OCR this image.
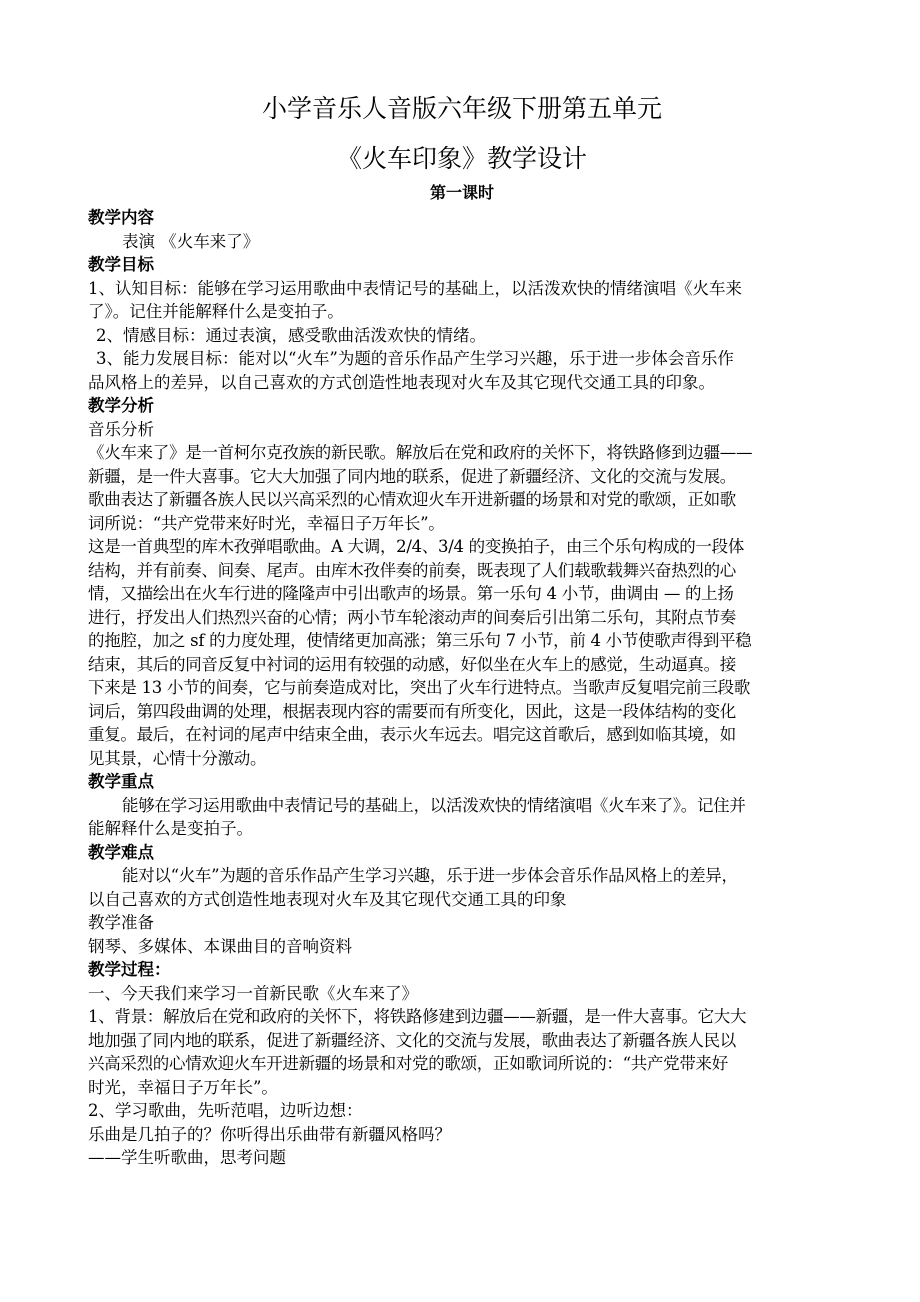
小学音乐人音版六年级下册第五单元
《火车印象》教学设计
第一课时
教学内容
表演 《火车来了》
教学目标
1、认知目标：能够在学习运用歌曲中表情记号的基础上，以活泼欢快的情绪演唱《火车来
了》。记住并能解释什么是变拍子。
2、情感目标：通过表演，感受歌曲活泼欢快的情绪。
3、能力发展目标：能对以“火车”为题的音乐作品产生学习兴趣，乐于进一步体会音乐作
品风格上的差异，以自己喜欢的方式创造性地表现对火车及其它现代交通工具的印象。
教学分析
音乐分析
《火车来了》是一首柯尔克孜族的新民歌。解放后在党和政府的关怀下，将铁路修到边疆——
新疆，是一件大喜事。它大大加强了同内地的联系，促进了新疆经济、文化的交流与发展。
歌曲表达了新疆各族人民以兴高采烈的心情欢迎火车开进新疆的场景和对党的歌颂，正如歌
词所说：“共产党带来好时光，幸福日子万年长”。
这是一首典型的库木孜弹唱歌曲。A 大调，2/4、3/4 的变换拍子，由三个乐句构成的一段体
结构，并有前奏、间奏、尾声。由库木孜伴奏的前奏，既表现了人们载歌载舞兴奋热烈的心
情，又描绘出在火车行进的隆隆声中引出歌声的场景。第一乐句 4 小节，曲调由 — 的上扬
进行，抒发出人们热烈兴奋的心情；两小节车轮滚动声的间奏后引出第二乐句，其附点节奏
的拖腔，加之 sf 的力度处理，使情绪更加高涨；第三乐句 7 小节，前 4 小节使歌声得到平稳
结束，其后的同音反复中衬词的运用有较强的动感，好似坐在火车上的感觉，生动逼真。接
下来是 13 小节的间奏，它与前奏造成对比，突出了火车行进特点。当歌声反复唱完前三段歌
词后，第四段曲调的处理，根据表现内容的需要而有所变化，因此，这是一段体结构的变化
重复。最后，在衬词的尾声中结束全曲，表示火车远去。唱完这首歌后，感到如临其境，如
见其景，心情十分激动。
教学重点
能够在学习运用歌曲中表情记号的基础上，以活泼欢快的情绪演唱《火车来了》。记住并
能解释什么是变拍子。
教学难点
能对以“火车”为题的音乐作品产生学习兴趣，乐于进一步体会音乐作品风格上的差异，
以自己喜欢的方式创造性地表现对火车及其它现代交通工具的印象
教学准备
钢琴、多媒体、本课曲目的音响资料
教学过程：
一、今天我们来学习一首新民歌《火车来了》
1、背景：解放后在党和政府的关怀下，将铁路修建到边疆——新疆，是一件大喜事。它大大
地加强了同内地的联系，促进了新疆经济、文化的交流与发展，歌曲表达了新疆各族人民以
兴高采烈的心情欢迎火车开进新疆的场景和对党的歌颂，正如歌词所说的：“共产党带来好
时光，幸福日子万年长”。
2、学习歌曲，先听范唱，边听边想：
乐曲是几拍子的？你听得出乐曲带有新疆风格吗？
——学生听歌曲，思考问题
